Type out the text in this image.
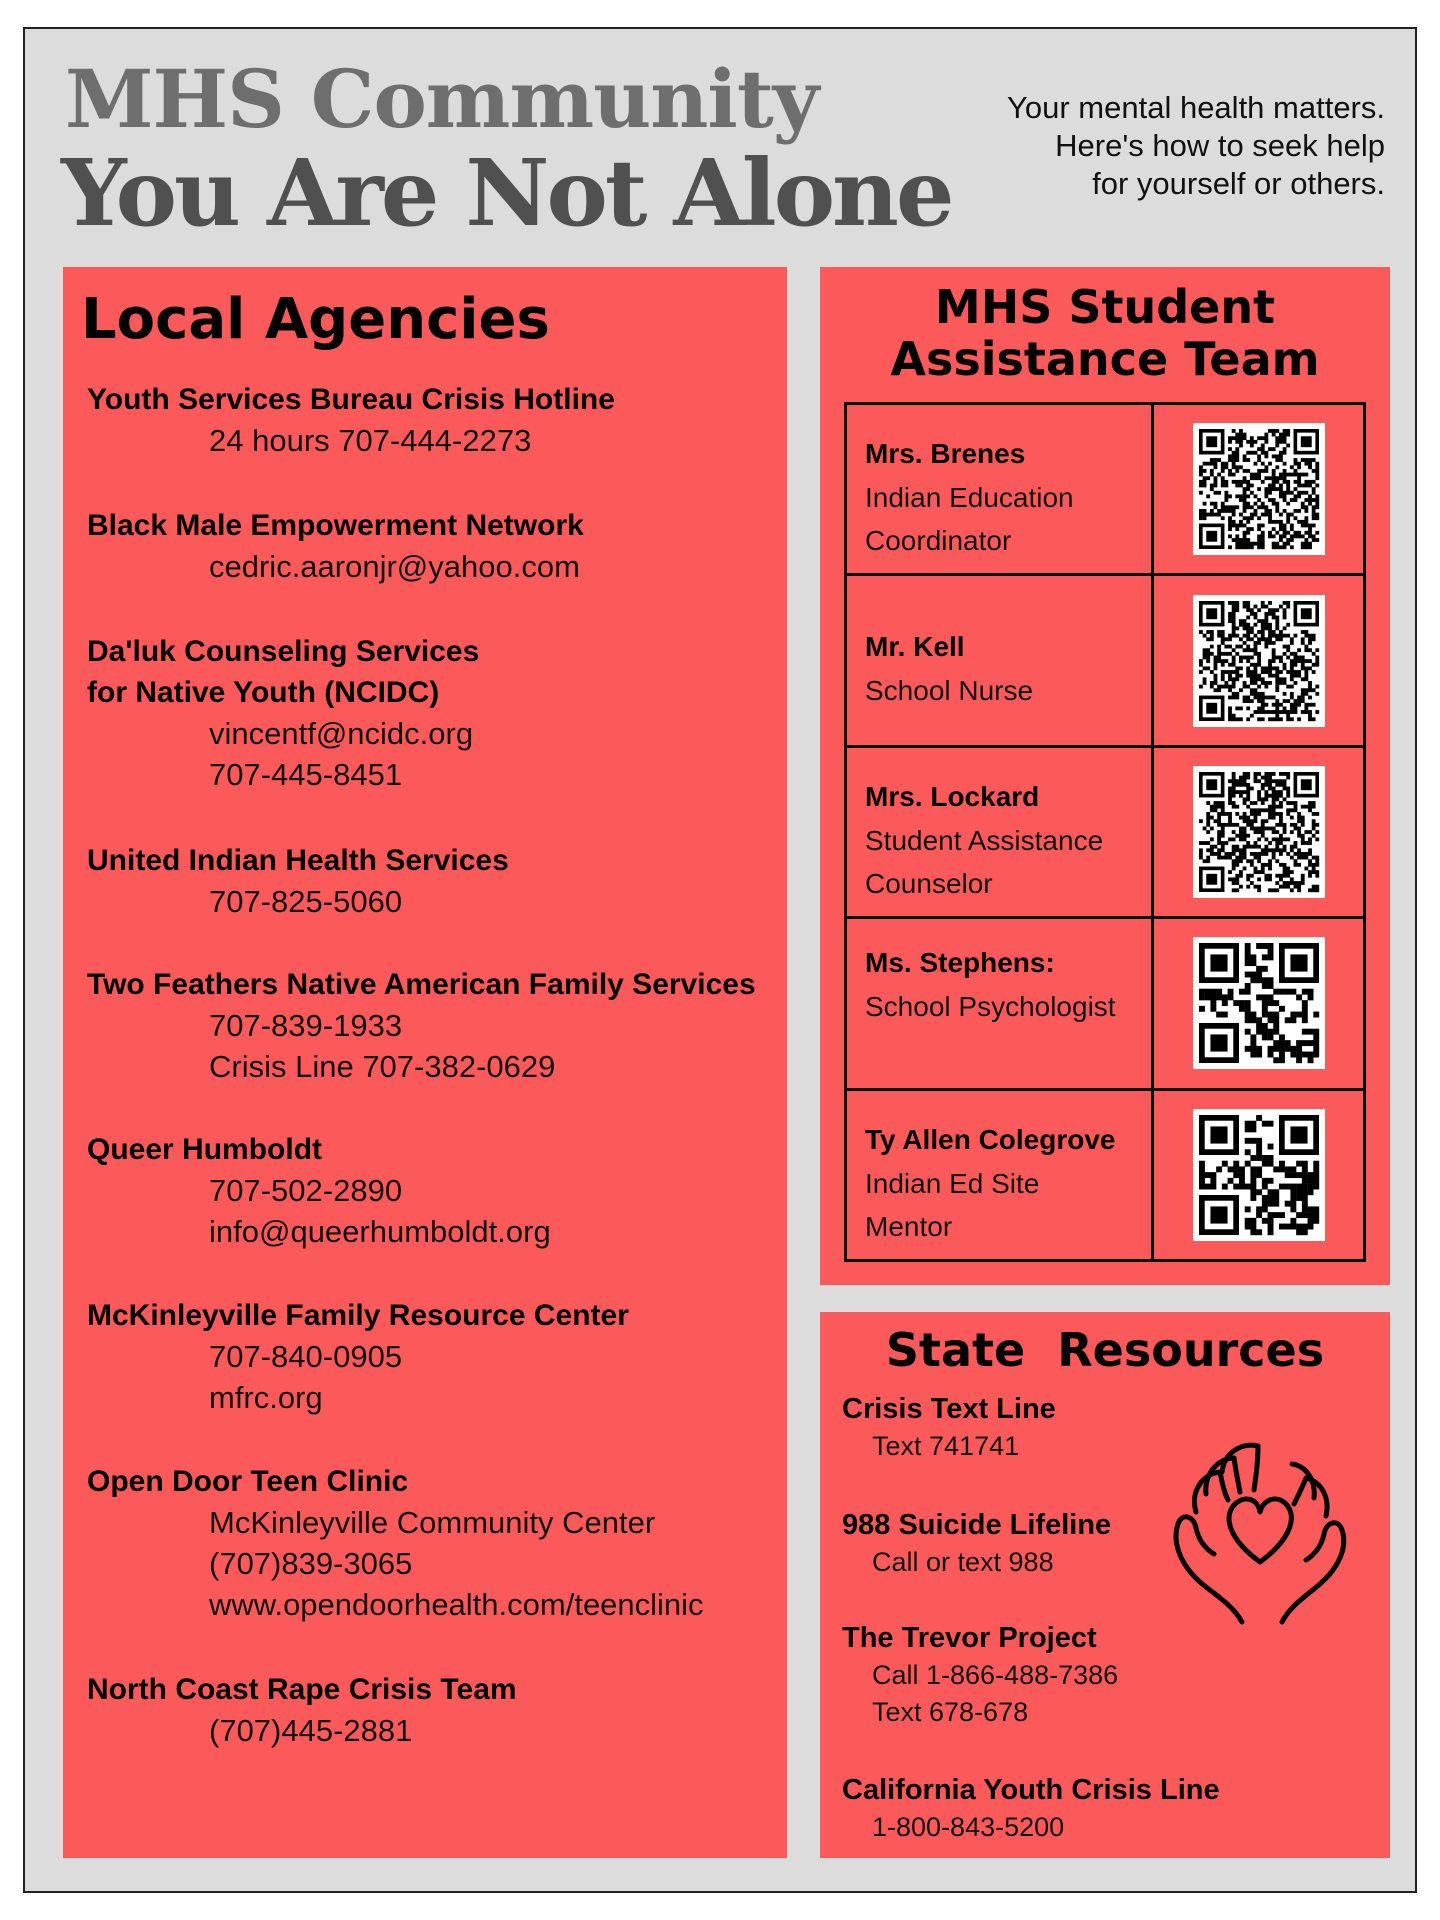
MHS Community
You Are Not Alone
Your mental health matters.
Here's how to seek help
for yourself or others.
Local Agencies
Youth Services Bureau Crisis Hotline
24 hours 707-444-2273
Black Male Empowerment Network
cedric.aaronjr@yahoo.com
Da'luk Counseling Services
for Native Youth (NCIDC)
vincentf@ncidc.org
707-445-8451
United Indian Health Services
707-825-5060
Two Feathers Native American Family Services
707-839-1933
Crisis Line 707-382-0629
Queer Humboldt
707-502-2890
info@queerhumboldt.org
McKinleyville Family Resource Center
707-840-0905
mfrc.org
Open Door Teen Clinic
McKinleyville Community Center
(707)839-3065
www.opendoorhealth.com/teenclinic
North Coast Rape Crisis Team
(707)445-2881
MHS Student
Assistance Team
Mrs. Brenes
Indian Education
Coordinator
Mr. Kell
School Nurse
Mrs. Lockard
Student Assistance
Counselor
Ms. Stephens:
School Psychologist
Ty Allen Colegrove
Indian Ed Site
Mentor
State  Resources
Crisis Text Line
Text 741741
988 Suicide Lifeline
Call or text 988
The Trevor Project
Call 1-866-488-7386
Text 678-678
California Youth Crisis Line
1-800-843-5200
